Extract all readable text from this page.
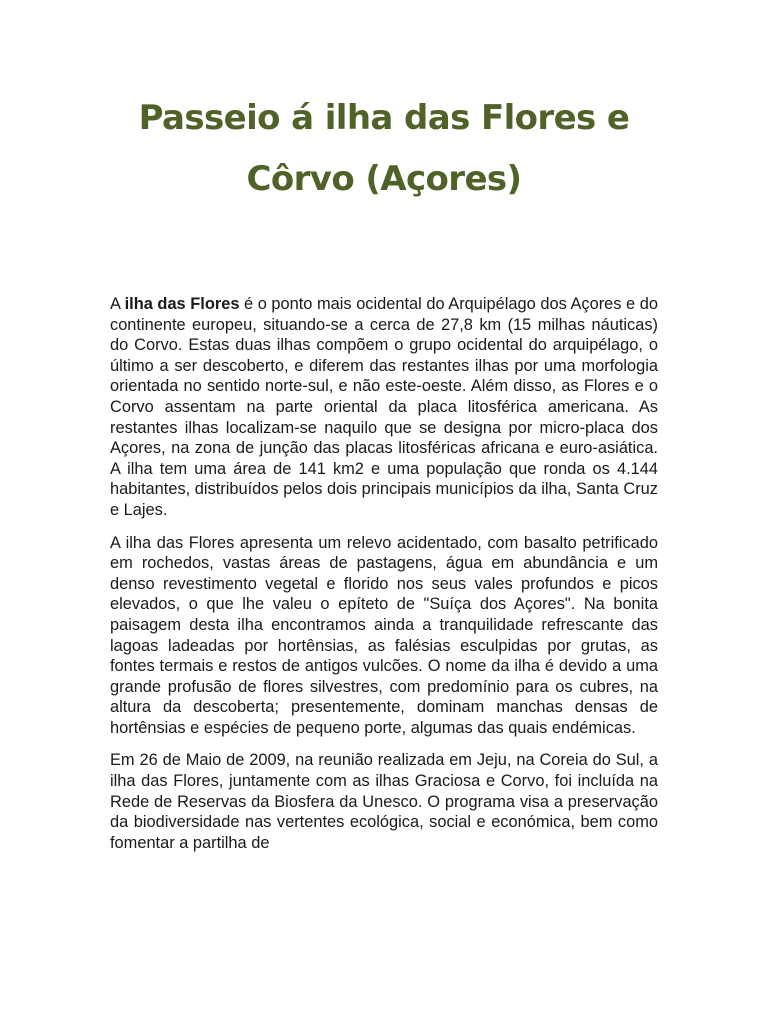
Passeio á ilha das Flores e
Côrvo (Açores)

A ilha das Flores é o ponto mais ocidental do Arquipélago dos Açores e do continente europeu, situando-se a cerca de 27,8 km (15 milhas náuticas) do Corvo. Estas duas ilhas compõem o grupo ocidental do arquipélago, o último a ser descoberto, e diferem das restantes ilhas por uma morfologia orientada no sentido norte-sul, e não este-oeste. Além disso, as Flores e o Corvo assentam na parte oriental da placa litosférica americana. As restantes ilhas localizam-se naquilo que se designa por micro-placa dos Açores, na zona de junção das placas litosféricas africana e euro-asiática. A ilha tem uma área de 141 km2 e uma população que ronda os 4.144 habitantes, distribuídos pelos dois principais municípios da ilha, Santa Cruz e Lajes.

A ilha das Flores apresenta um relevo acidentado, com basalto petrificado em rochedos, vastas áreas de pastagens, água em abundância e um denso revestimento vegetal e florido nos seus vales profundos e picos elevados, o que lhe valeu o epíteto de "Suíça dos Açores". Na bonita paisagem desta ilha encontramos ainda a tranquilidade refrescante das lagoas ladeadas por hortênsias, as falésias esculpidas por grutas, as fontes termais e restos de antigos vulcões. O nome da ilha é devido a uma grande profusão de flores silvestres, com predomínio para os cubres, na altura da descoberta; presentemente, dominam manchas densas de hortênsias e espécies de pequeno porte, algumas das quais endémicas.

Em 26 de Maio de 2009, na reunião realizada em Jeju, na Coreia do Sul, a ilha das Flores, juntamente com as ilhas Graciosa e Corvo, foi incluída na Rede de Reservas da Biosfera da Unesco. O programa visa a preservação da biodiversidade nas vertentes ecológica, social e económica, bem como fomentar a partilha de
